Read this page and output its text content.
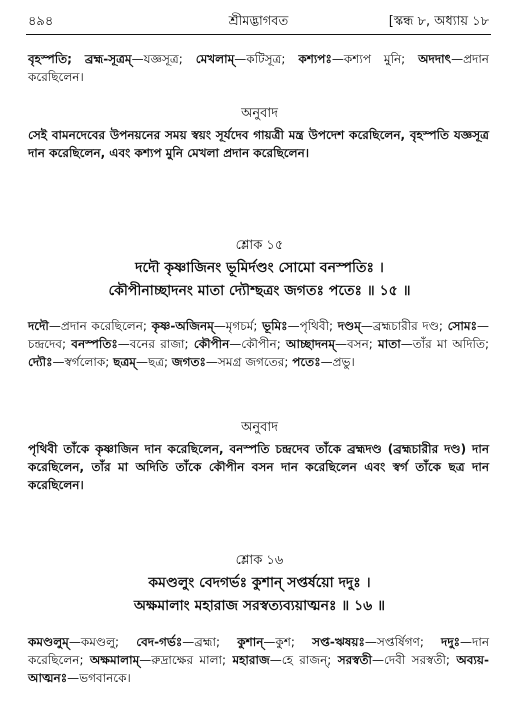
৪৯৪	শ্রীমদ্ভাগবত	[স্কন্ধ ৮, অধ্যায় ১৮
বৃহস্পতি; ব্রহ্ম-সূত্রম্—যজ্ঞসূত্র; মেখলাম্—কটিসূত্র; কশ্যপঃ—কশ্যপ মুনি; অদদাৎ—প্রদান করেছিলেন।
অনুবাদ
সেই বামনদেবের উপনয়নের সময় স্বয়ং সূর্যদেব গায়ত্রী মন্ত্র উপদেশ করেছিলেন, বৃহস্পতি যজ্ঞসূত্র দান করেছিলেন, এবং কশ্যপ মুনি মেখলা প্রদান করেছিলেন।
শ্লোক ১৫
দদৌ কৃষ্ণাজিনং ভূমির্দণ্ডং সোমো বনস্পতিঃ ।
কৌপীনাচ্ছাদনং মাতা দ্যৌশ্ছত্রং জগতঃ পতেঃ ॥ ১৫ ॥
দদৌ—প্রদান করেছিলেন; কৃষ্ণ-অজিনম্—মৃগচর্ম; ভূমিঃ—পৃথিবী; দণ্ডম্—ব্রহ্মচারীর দণ্ড; সোমঃ—চন্দ্রদেব; বনস্পতিঃ—বনের রাজা; কৌপীন—কৌপীন; আচ্ছাদনম্—বসন; মাতা—তাঁর মা অদিতি; দ্যৌঃ—স্বর্গলোক; ছত্রম্—ছত্র; জগতঃ—সমগ্র জগতের; পতেঃ—প্রভু।
অনুবাদ
পৃথিবী তাঁকে কৃষ্ণাজিন দান করেছিলেন, বনস্পতি চন্দ্রদেব তাঁকে ব্রহ্মদণ্ড (ব্রহ্মচারীর দণ্ড) দান করেছিলেন, তাঁর মা অদিতি তাঁকে কৌপীন বসন দান করেছিলেন এবং স্বর্গ তাঁকে ছত্র দান করেছিলেন।
শ্লোক ১৬
কমণ্ডলুং বেদগর্ভঃ কুশান্ সপ্তর্ষয়ো দদুঃ ।
অক্ষমালাং মহারাজ সরস্বত্যব্যয়াত্মনঃ ॥ ১৬ ॥
কমণ্ডলুম্—কমণ্ডলু; বেদ-গর্ভঃ—ব্রহ্মা; কুশান্—কুশ; সপ্ত-ঋষয়ঃ—সপ্তর্ষিগণ; দদুঃ—দান করেছিলেন; অক্ষমালাম্—রুদ্রাক্ষের মালা; মহারাজ—হে রাজন্; সরস্বতী—দেবী সরস্বতী; অব্যয়-আত্মনঃ—ভগবানকে।
